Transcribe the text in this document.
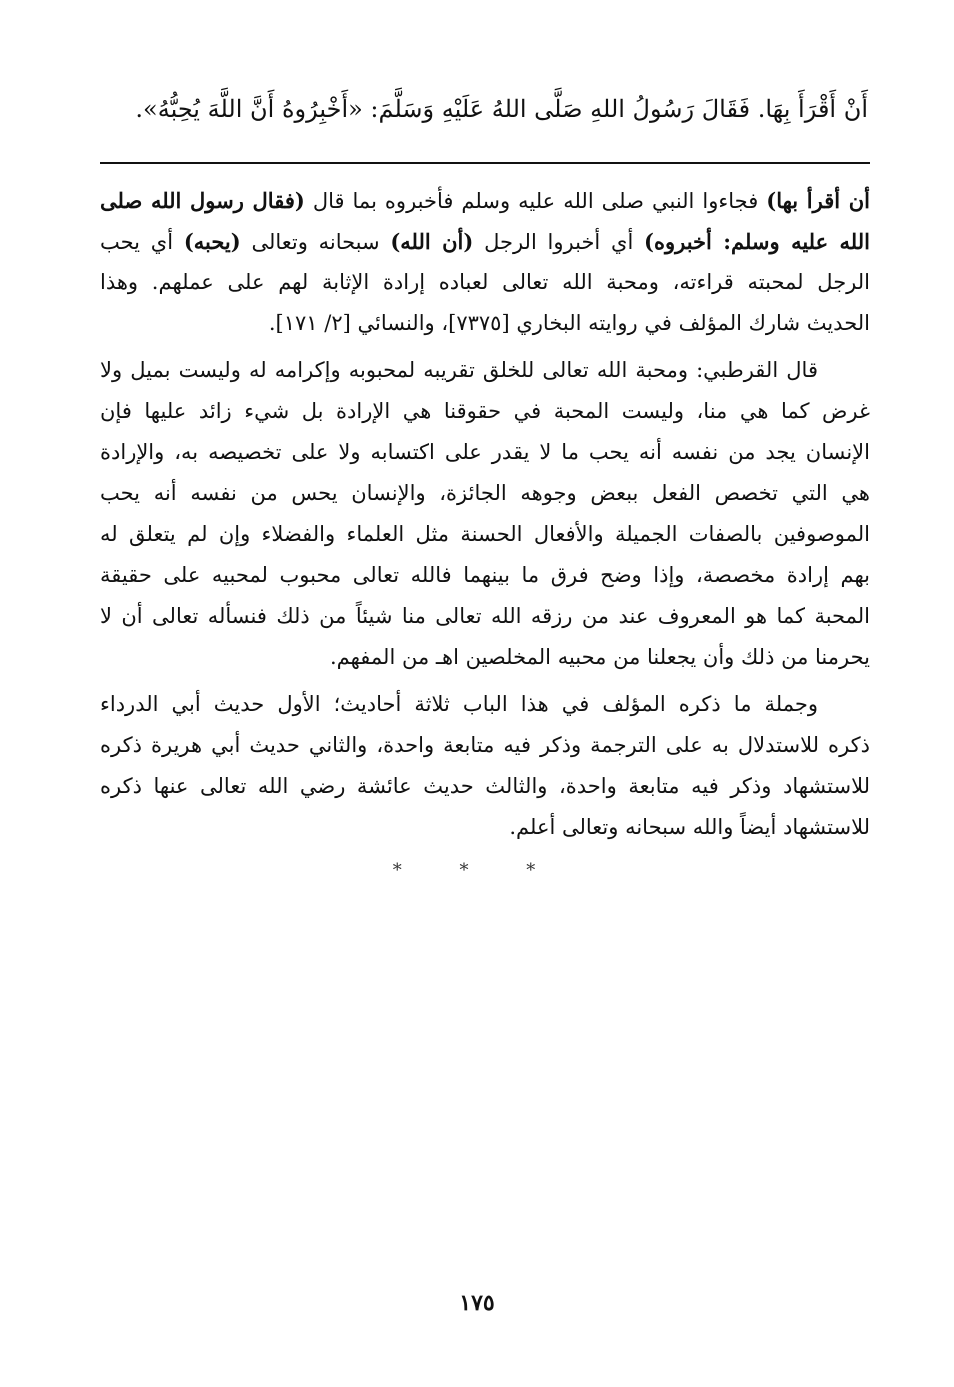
أَنْ أَقْرَأَ بِهَا. فَقَالَ رَسُولُ اللهِ صَلَّى اللهُ عَلَيْهِ وَسَلَّمَ: «أَخْبِرُوهُ أَنَّ اللَّهَ يُحِبُّهُ».
أن أقرأ بها) فجاءوا النبي صلى الله عليه وسلم فأخبروه بما قال (فقال رسول الله صلى
الله عليه وسلم: أخبروه) أي أخبروا الرجل (أن الله) سبحانه وتعالى (يحبه) أي يحب
الرجل لمحبته قراءته، ومحبة الله تعالى لعباده إرادة الإثابة لهم على عملهم. وهذا
الحديث شارك المؤلف في روايته البخاري [٧٣٧٥]، والنسائي [٢/ ١٧١].
قال القرطبي: ومحبة الله تعالى للخلق تقريبه لمحبوبه وإكرامه له وليست بميل ولا
غرض كما هي منا، وليست المحبة في حقوقنا هي الإرادة بل شيء زائد عليها فإن
الإنسان يجد من نفسه أنه يحب ما لا يقدر على اكتسابه ولا على تخصيصه به، والإرادة
هي التي تخصص الفعل ببعض وجوهه الجائزة، والإنسان يحس من نفسه أنه يحب
الموصوفين بالصفات الجميلة والأفعال الحسنة مثل العلماء والفضلاء وإن لم يتعلق له
بهم إرادة مخصصة، وإذا وضح فرق ما بينهما فالله تعالى محبوب لمحبيه على حقيقة
المحبة كما هو المعروف عند من رزقه الله تعالى منا شيئاً من ذلك فنسأله تعالى أن لا
يحرمنا من ذلك وأن يجعلنا من محبيه المخلصين اهـ من المفهم.
وجملة ما ذكره المؤلف في هذا الباب ثلاثة أحاديث؛ الأول حديث أبي الدرداء
ذكره للاستدلال به على الترجمة وذكر فيه متابعة واحدة، والثاني حديث أبي هريرة ذكره
للاستشهاد وذكر فيه متابعة واحدة، والثالث حديث عائشة رضي الله تعالى عنها ذكره
للاستشهاد أيضاً والله سبحانه وتعالى أعلم.
* * *
١٧٥
